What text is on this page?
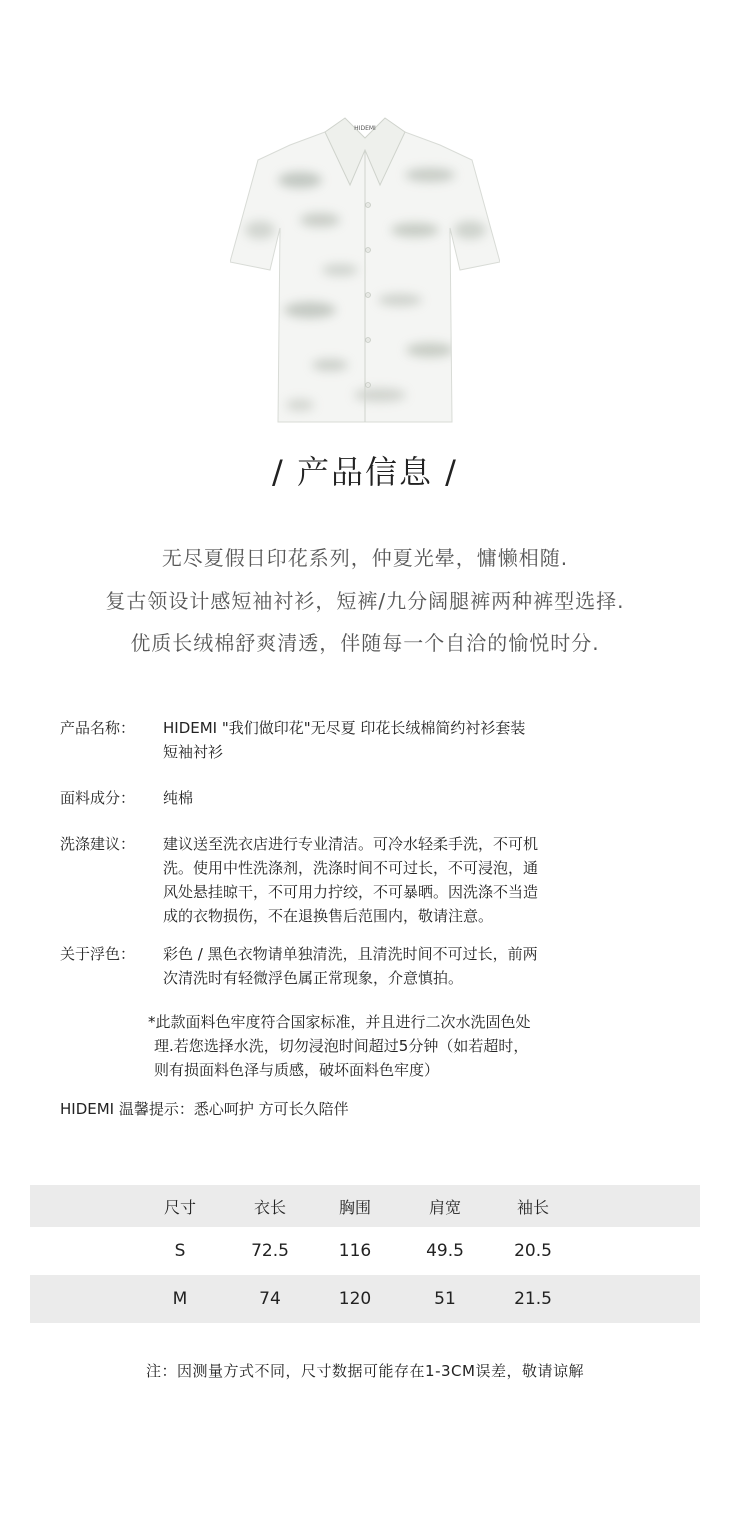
HIDEMI
/ 产品信息 /
无尽夏假日印花系列，仲夏光晕，慵懒相随.
复古领设计感短袖衬衫，短裤/九分阔腿裤两种裤型选择.
优质长绒棉舒爽清透，伴随每一个自洽的愉悦时分.
产品名称： HIDEMI "我们做印花"无尽夏 印花长绒棉简约衬衫套装
短袖衬衫
面料成分： 纯棉
洗涤建议： 建议送至洗衣店进行专业清洁。可冷水轻柔手洗，不可机
洗。使用中性洗涤剂，洗涤时间不可过长，不可浸泡，通
风处悬挂晾干，不可用力拧绞，不可暴晒。因洗涤不当造
成的衣物损伤，不在退换售后范围内，敬请注意。
关于浮色： 彩色 / 黑色衣物请单独清洗，且清洗时间不可过长，前两
次清洗时有轻微浮色属正常现象，介意慎拍。
*此款面料色牢度符合国家标准，并且进行二次水洗固色处
理.若您选择水洗，切勿浸泡时间超过5分钟（如若超时，
则有损面料色泽与质感，破坏面料色牢度）
HIDEMI 温馨提示：悉心呵护 方可长久陪伴
尺寸	衣长	胸围	肩宽	袖长
S	72.5	116	49.5	20.5
M	74	120	51	21.5
注：因测量方式不同，尺寸数据可能存在1-3CM误差，敬请谅解
